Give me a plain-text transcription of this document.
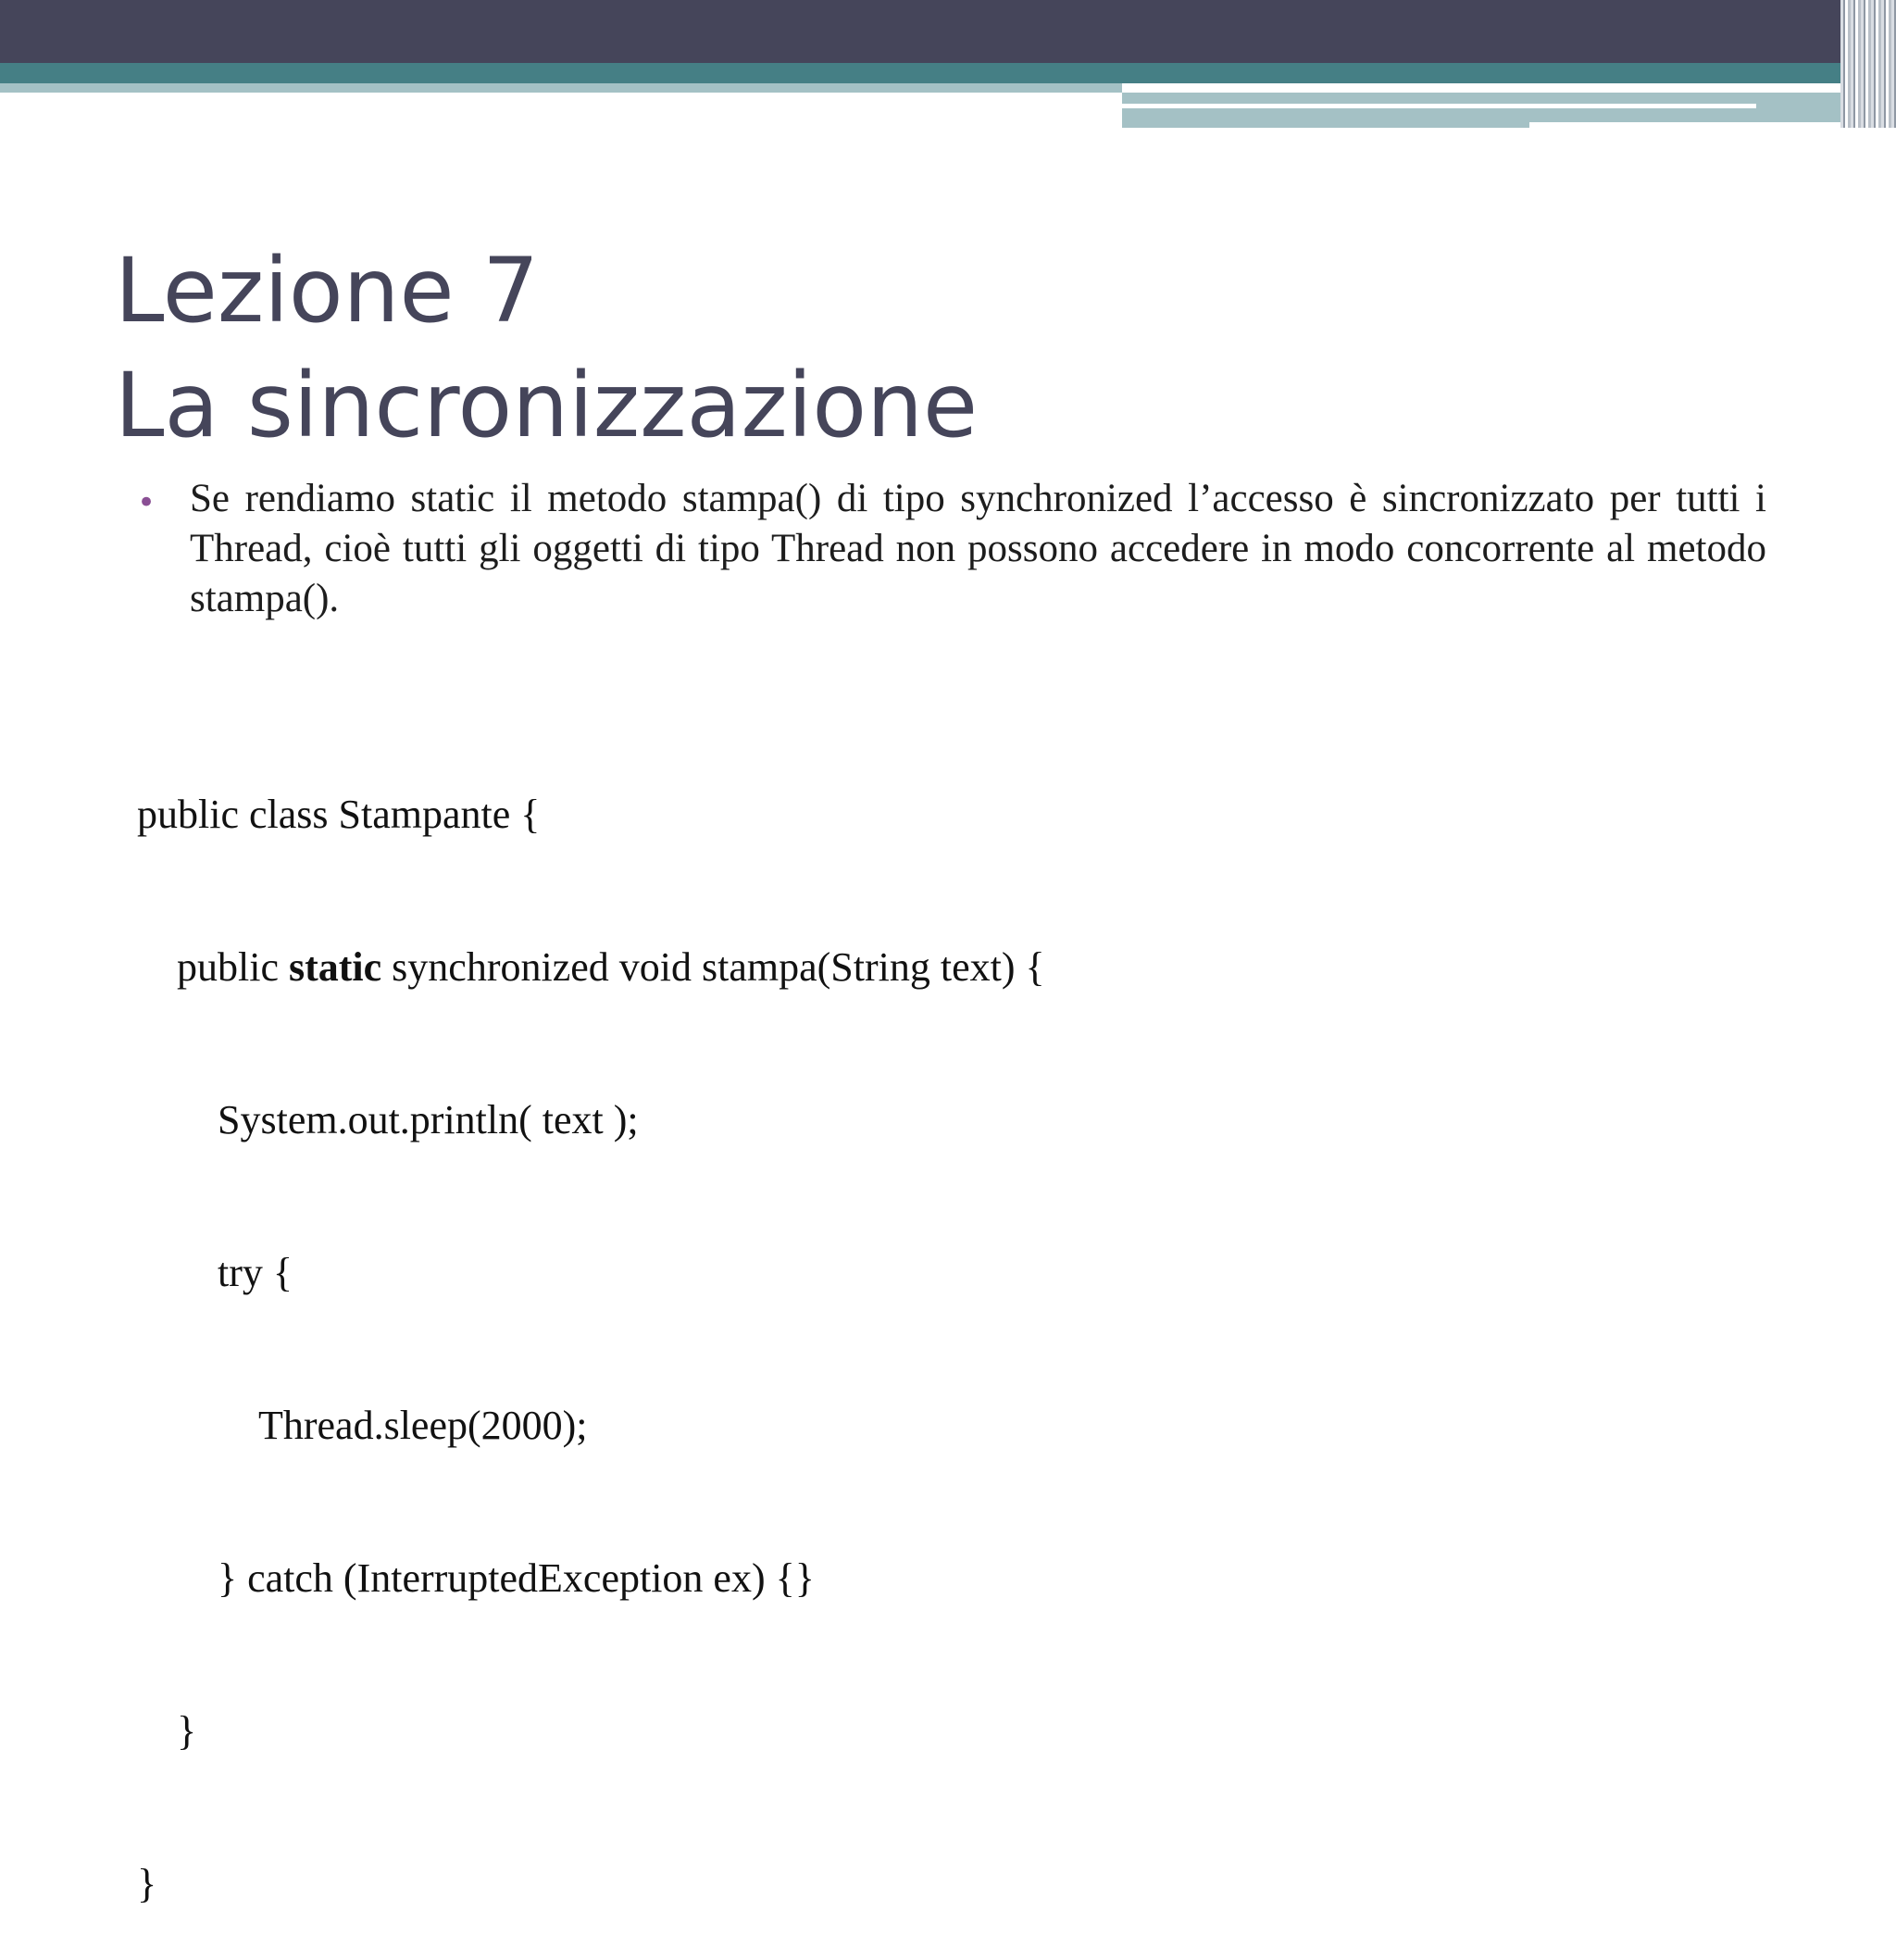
Lezione 7
La sincronizzazione
• Se rendiamo static il metodo stampa() di tipo synchronized l’accesso è sincronizzato per tutti i Thread, cioè tutti gli oggetti di tipo Thread non possono accedere in modo concorrente al metodo stampa().

public class Stampante {

public static synchronized void stampa(String text) {

System.out.println( text );

try {

Thread.sleep(2000);

} catch (InterruptedException ex) {}

}

}
